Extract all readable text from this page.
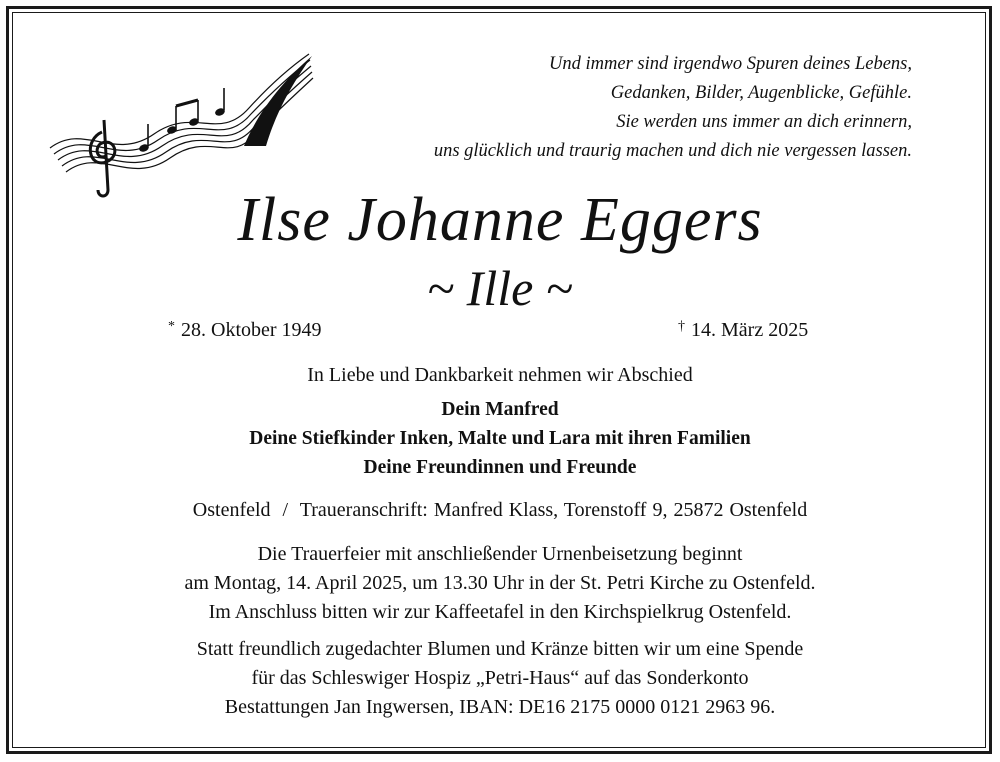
Und immer sind irgendwo Spuren deines Lebens,
Gedanken, Bilder, Augenblicke, Gefühle.
Sie werden uns immer an dich erinnern,
uns glücklich und traurig machen und dich nie vergessen lassen.
Ilse Johanne Eggers
~ Ille ~
* 28. Oktober 1949	† 14. März 2025
In Liebe und Dankbarkeit nehmen wir Abschied
Dein Manfred
Deine Stiefkinder Inken, Malte und Lara mit ihren Familien
Deine Freundinnen und Freunde
Ostenfeld  /  Traueranschrift: Manfred Klass, Torenstoff 9, 25872 Ostenfeld
Die Trauerfeier mit anschließender Urnenbeisetzung beginnt
am Montag, 14. April 2025, um 13.30 Uhr in der St. Petri Kirche zu Ostenfeld.
Im Anschluss bitten wir zur Kaffeetafel in den Kirchspielkrug Ostenfeld.
Statt freundlich zugedachter Blumen und Kränze bitten wir um eine Spende
für das Schleswiger Hospiz „Petri-Haus“ auf das Sonderkonto
Bestattungen Jan Ingwersen, IBAN: DE16 2175 0000 0121 2963 96.
